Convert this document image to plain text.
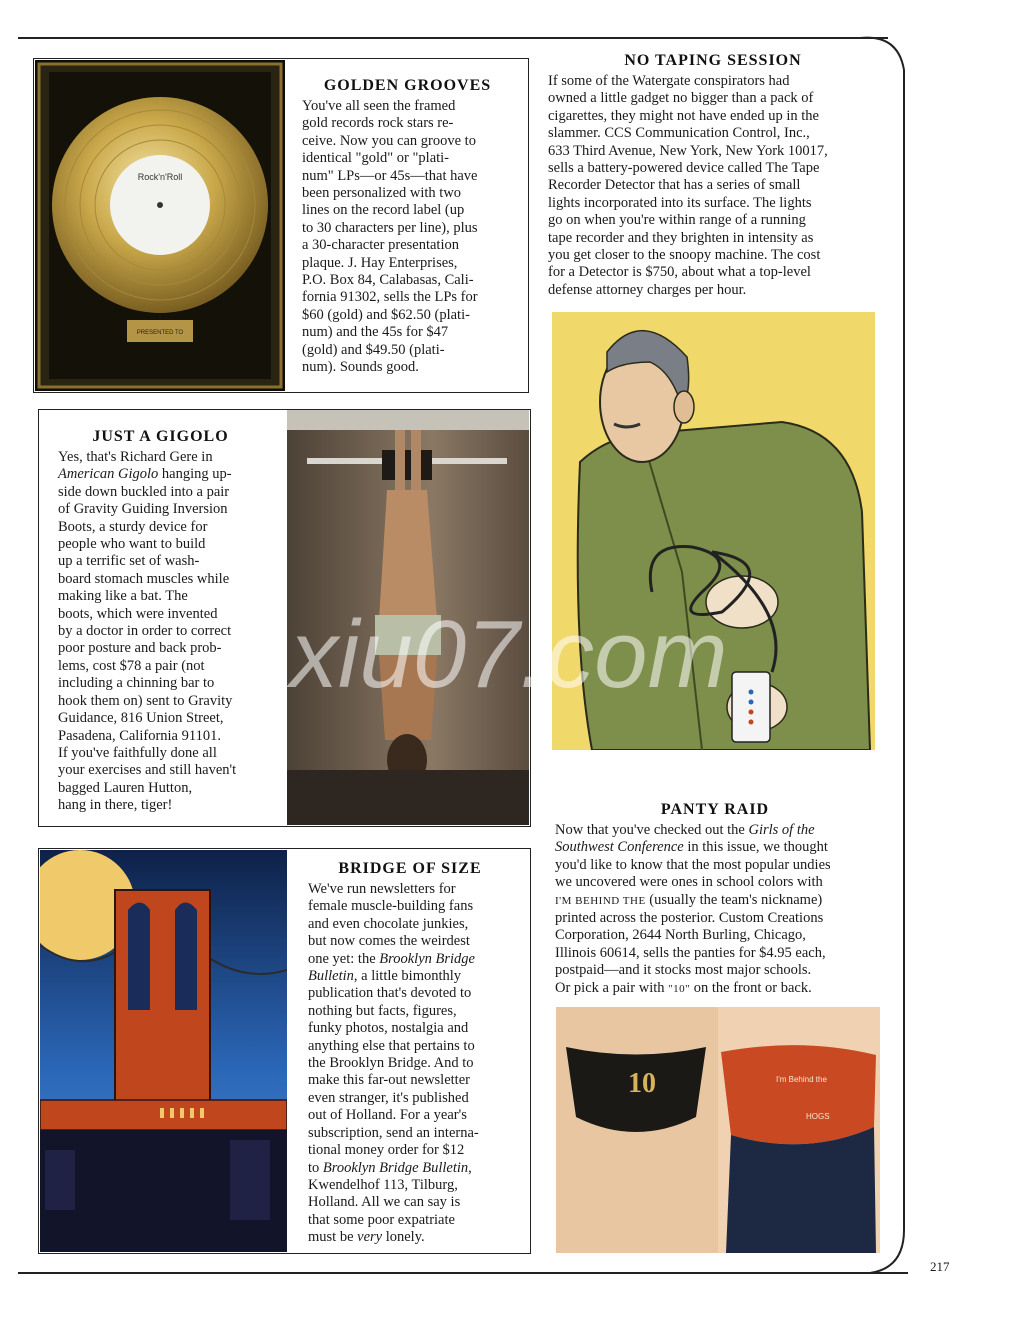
Rock'n'Roll
PRESENTED TO
GOLDEN GROOVES
You've all seen the framed
gold records rock stars re-
ceive. Now you can groove to
identical "gold" or "plati-
num" LPs—or 45s—that have
been personalized with two
lines on the record label (up
to 30 characters per line), plus
a 30-character presentation
plaque. J. Hay Enterprises,
P.O. Box 84, Calabasas, Cali-
fornia 91302, sells the LPs for
$60 (gold) and $62.50 (plati-
num) and the 45s for $47
(gold) and $49.50 (plati-
num). Sounds good.
NO TAPING SESSION
If some of the Watergate conspirators had
owned a little gadget no bigger than a pack of
cigarettes, they might not have ended up in the
slammer. CCS Communication Control, Inc.,
633 Third Avenue, New York, New York 10017,
sells a battery-powered device called The Tape
Recorder Detector that has a series of small
lights incorporated into its surface. The lights
go on when you're within range of a running
tape recorder and they brighten in intensity as
you get closer to the snoopy machine. The cost
for a Detector is $750, about what a top-level
defense attorney charges per hour.
JUST A GIGOLO
Yes, that's Richard Gere in
American Gigolo hanging up-
side down buckled into a pair
of Gravity Guiding Inversion
Boots, a sturdy device for
people who want to build
up a terrific set of wash-
board stomach muscles while
making like a bat. The
boots, which were invented
by a doctor in order to correct
poor posture and back prob-
lems, cost $78 a pair (not
including a chinning bar to
hook them on) sent to Gravity
Guidance, 816 Union Street,
Pasadena, California 91101.
If you've faithfully done all
your exercises and still haven't
bagged Lauren Hutton,
hang in there, tiger!	PANTY RAID
Now that you've checked out the Girls of the
Southwest Conference in this issue, we thought
you'd like to know that the most popular undies
we uncovered were ones in school colors with
I'M BEHIND THE (usually the team's nickname)
printed across the posterior. Custom Creations
Corporation, 2644 North Burling, Chicago,
Illinois 60614, sells the panties for $4.95 each,
postpaid—and it stocks most major schools.
Or pick a pair with "10" on the front or back.
10	I'm Behind the
HOGS
BRIDGE OF SIZE
We've run newsletters for
female muscle-building fans
and even chocolate junkies,
but now comes the weirdest
one yet: the Brooklyn Bridge
Bulletin, a little bimonthly
publication that's devoted to
nothing but facts, figures,
funky photos, nostalgia and
anything else that pertains to
the Brooklyn Bridge. And to
make this far-out newsletter
even stranger, it's published
out of Holland. For a year's
subscription, send an interna-
tional money order for $12
to Brooklyn Bridge Bulletin,
Kwendelhof 113, Tilburg,
Holland. All we can say is
that some poor expatriate
must be very lonely.
xiu07.com
217
